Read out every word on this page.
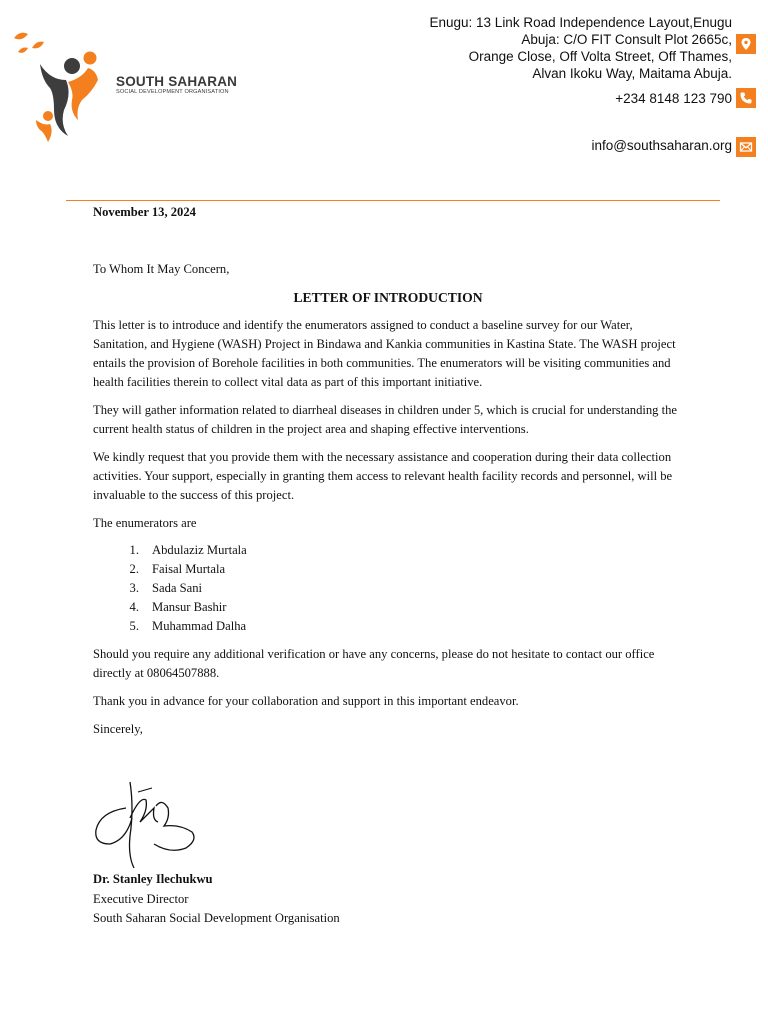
SOUTH SAHARAN
SOCIAL DEVELOPMENT ORGANISATION
Enugu: 13 Link Road Independence Layout,Enugu
Abuja: C/O FIT Consult Plot 2665c,
Orange Close, Off Volta Street, Off Thames,
Alvan Ikoku Way, Maitama Abuja.
+234 8148 123 790
info@southsaharan.org

November 13, 2024

To Whom It May Concern,

LETTER OF INTRODUCTION

This letter is to introduce and identify the enumerators assigned to conduct a baseline survey for our Water, Sanitation, and Hygiene (WASH) Project in Bindawa and Kankia communities in Kastina State. The WASH project entails the provision of Borehole facilities in both communities. The enumerators will be visiting communities and health facilities therein to collect vital data as part of this important initiative.

They will gather information related to diarrheal diseases in children under 5, which is crucial for understanding the current health status of children in the project area and shaping effective interventions.

We kindly request that you provide them with the necessary assistance and cooperation during their data collection activities. Your support, especially in granting them access to relevant health facility records and personnel, will be invaluable to the success of this project.

The enumerators are

1.	Abdulaziz Murtala
2.	Faisal Murtala
3.	Sada Sani
4.	Mansur Bashir
5.	Muhammad Dalha

Should you require any additional verification or have any concerns, please do not hesitate to contact our office directly at 08064507888.

Thank you in advance for your collaboration and support in this important endeavor.

Sincerely,

Dr. Stanley Ilechukwu
Executive Director
South Saharan Social Development Organisation
